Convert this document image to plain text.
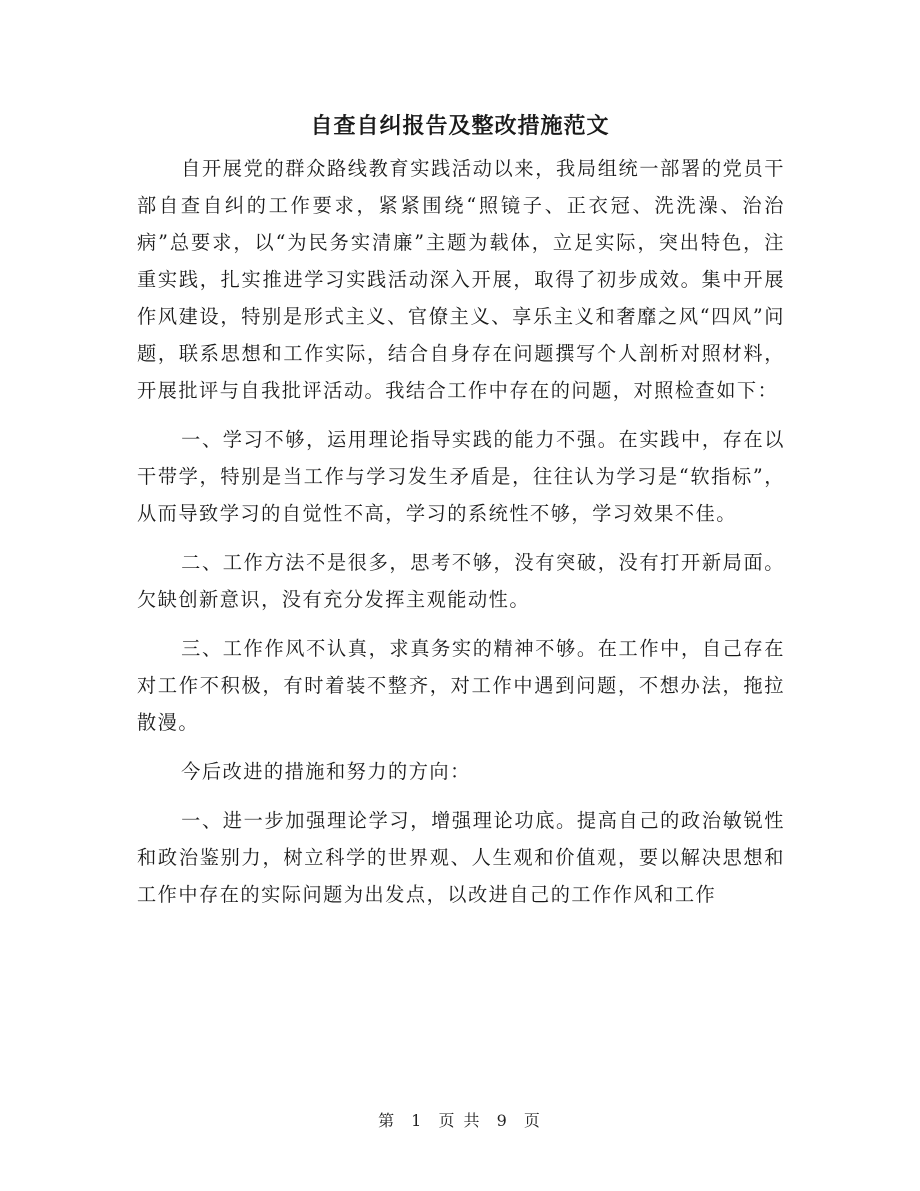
自查自纠报告及整改措施范文

自开展党的群众路线教育实践活动以来，我局组统一部署的党员干部自查自纠的工作要求，紧紧围绕“照镜子、正衣冠、洗洗澡、治治病”总要求，以“为民务实清廉”主题为载体，立足实际，突出特色，注重实践，扎实推进学习实践活动深入开展，取得了初步成效。集中开展作风建设，特别是形式主义、官僚主义、享乐主义和奢靡之风“四风”问题，联系思想和工作实际，结合自身存在问题撰写个人剖析对照材料，开展批评与自我批评活动。我结合工作中存在的问题，对照检查如下：

一、学习不够，运用理论指导实践的能力不强。在实践中，存在以干带学，特别是当工作与学习发生矛盾是，往往认为学习是“软指标”，从而导致学习的自觉性不高，学习的系统性不够，学习效果不佳。

二、工作方法不是很多，思考不够，没有突破，没有打开新局面。欠缺创新意识，没有充分发挥主观能动性。

三、工作作风不认真，求真务实的精神不够。在工作中，自己存在对工作不积极，有时着装不整齐，对工作中遇到问题，不想办法，拖拉散漫。

今后改进的措施和努力的方向：

一、进一步加强理论学习，增强理论功底。提高自己的政治敏锐性和政治鉴别力，树立科学的世界观、人生观和价值观，要以解决思想和工作中存在的实际问题为出发点，以改进自己的工作作风和工作

第 1 页 共 9 页
